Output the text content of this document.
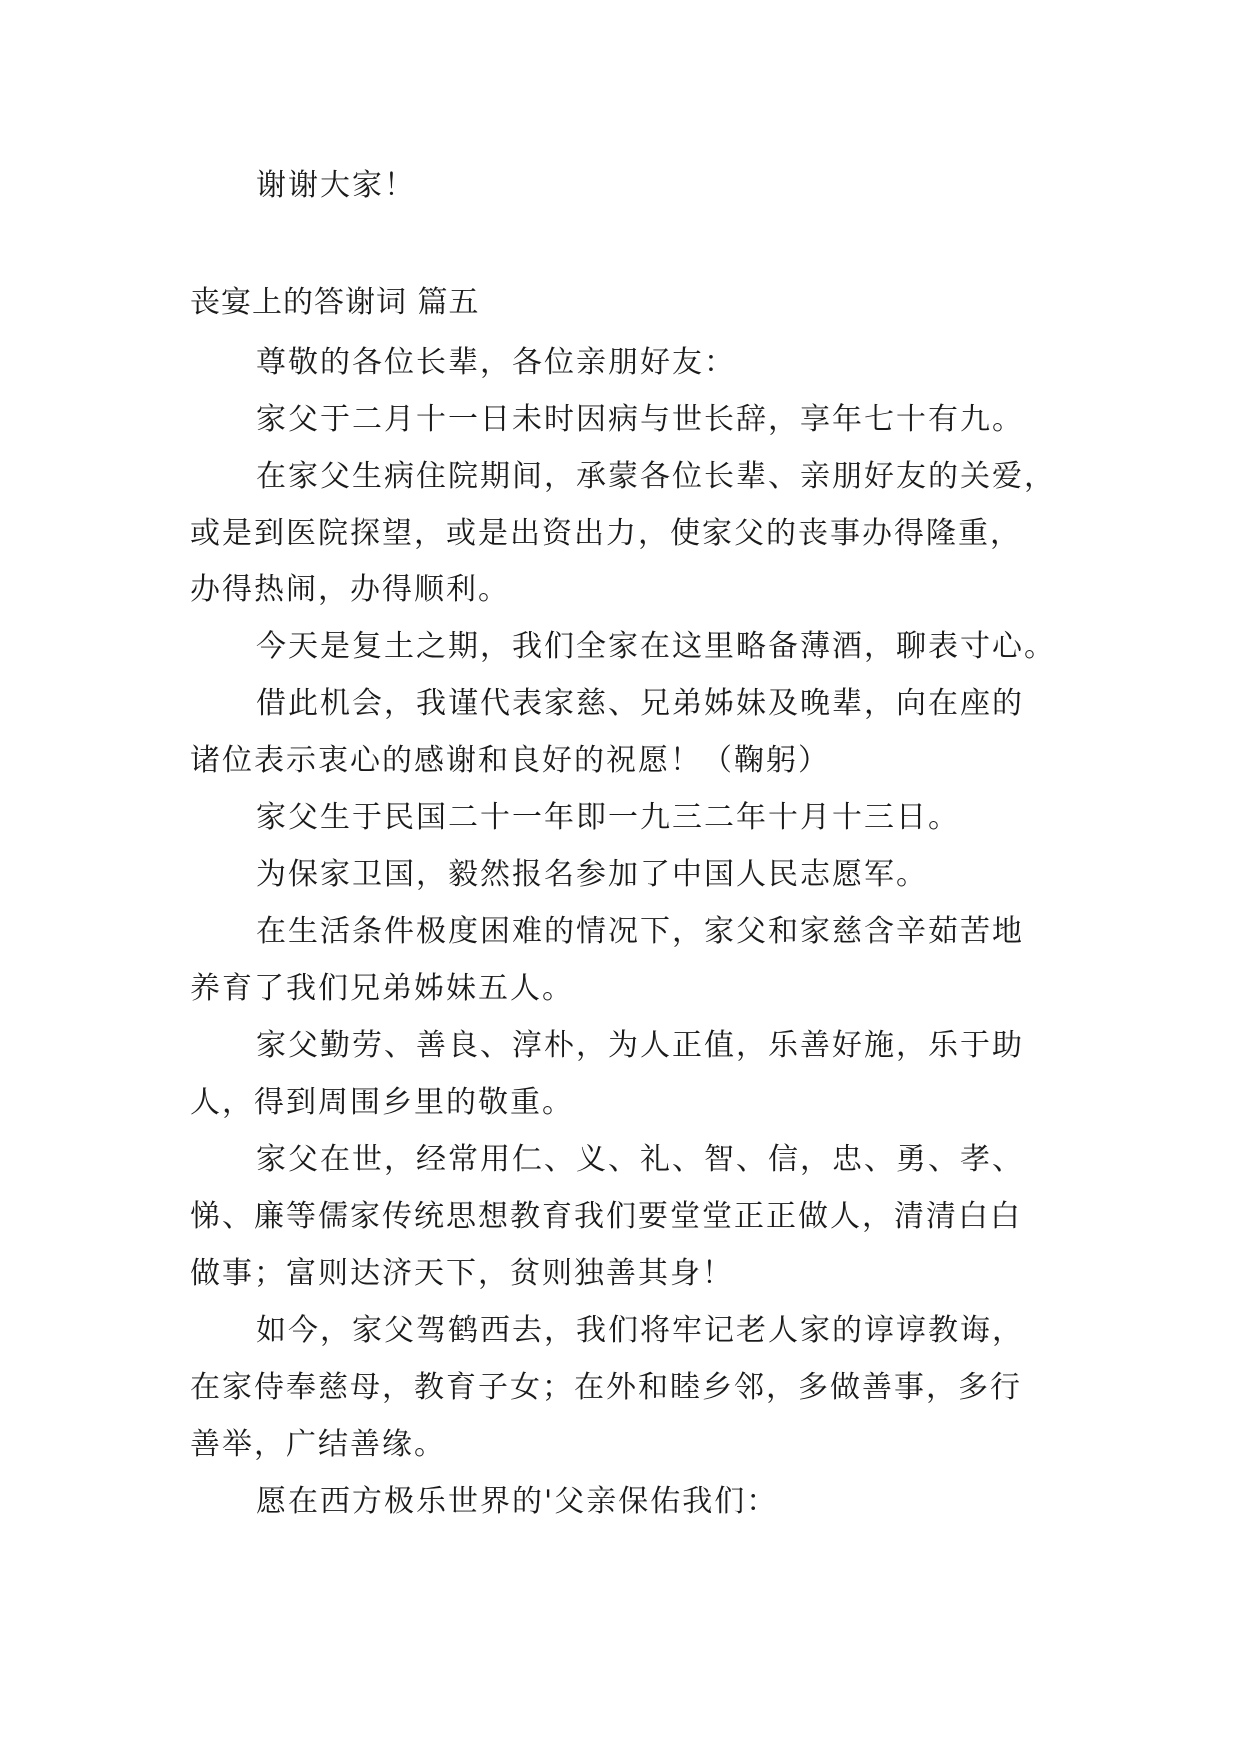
谢谢大家！
丧宴上的答谢词 篇五
尊敬的各位长辈，各位亲朋好友：
家父于二月十一日未时因病与世长辞，享年七十有九。
在家父生病住院期间，承蒙各位长辈、亲朋好友的关爱，
或是到医院探望，或是出资出力，使家父的丧事办得隆重，
办得热闹，办得顺利。
今天是复土之期，我们全家在这里略备薄酒，聊表寸心。
借此机会，我谨代表家慈、兄弟姊妹及晚辈，向在座的
诸位表示衷心的感谢和良好的祝愿！（鞠躬）
家父生于民国二十一年即一九三二年十月十三日。
为保家卫国，毅然报名参加了中国人民志愿军。
在生活条件极度困难的情况下，家父和家慈含辛茹苦地
养育了我们兄弟姊妹五人。
家父勤劳、善良、淳朴，为人正值，乐善好施，乐于助
人，得到周围乡里的敬重。
家父在世，经常用仁、义、礼、智、信，忠、勇、孝、
悌、廉等儒家传统思想教育我们要堂堂正正做人，清清白白
做事；富则达济天下，贫则独善其身！
如今，家父驾鹤西去，我们将牢记老人家的谆谆教诲，
在家侍奉慈母，教育子女；在外和睦乡邻，多做善事，多行
善举，广结善缘。
愿在西方极乐世界的'父亲保佑我们：
